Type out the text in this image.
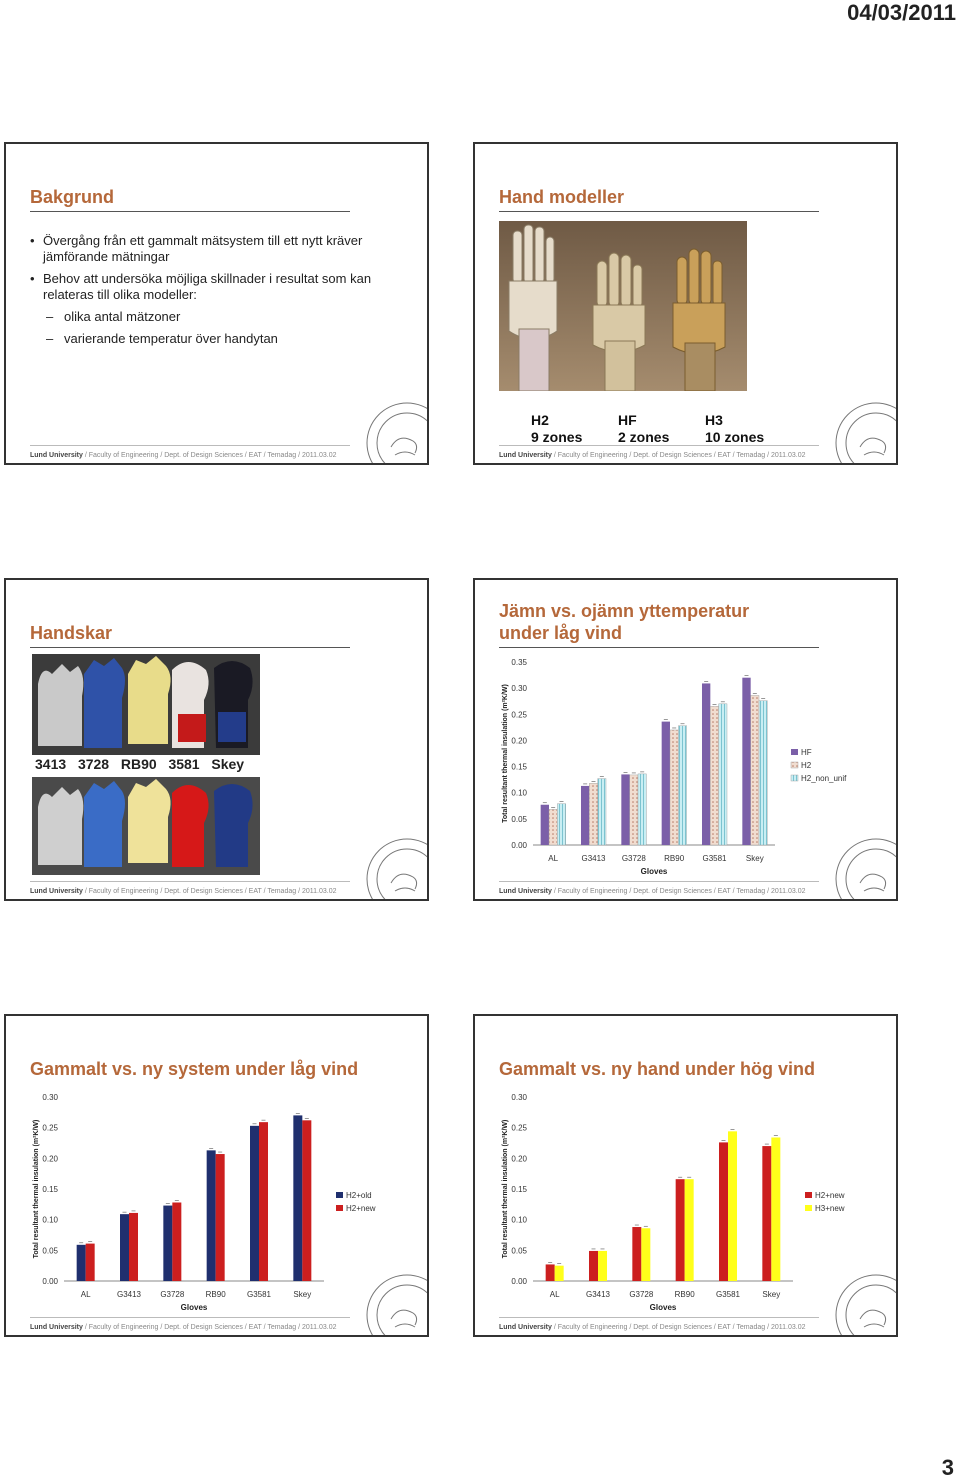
04/03/2011
Bakgrund
• Övergång från ett gammalt mätsystem till ett nytt kräver jämförande mätningar
• Behov att undersöka möjliga skillnader i resultat som kan relateras till olika modeller:
– olika antal mätzoner
– varierande temperatur över handytan
Lund University / Faculty of Engineering / Dept. of Design Sciences / EAT / Temadag / 2011.03.02
Hand modeller
H2
9 zones
HF
2 zones
H3
10 zones
Lund University / Faculty of Engineering / Dept. of Design Sciences / EAT / Temadag / 2011.03.02
Handskar
3413 3728 RB90 3581 Skey
Lund University / Faculty of Engineering / Dept. of Design Sciences / EAT / Temadag / 2011.03.02
Jämn vs. ojämn yttemperatur
under låg vind
0.00
0.05
0.10
0.15
0.20
0.25
0.30
0.35
Total resultant thermal insulation (m²K/W)
AL	G3413 G3728 RB90 G3581 Skey
Gloves
HF
H2
H2_non_unif
Lund University / Faculty of Engineering / Dept. of Design Sciences / EAT / Temadag / 2011.03.02
Gammalt vs. ny system under låg vind
0.00
0.05
0.10
0.15
0.20
0.25
0.30
Total resultant thermal insulation (m²K/W)
AL	G3413 G3728	RB90	G3581	Skey
Gloves
H2+old
H2+new
Lund University / Faculty of Engineering / Dept. of Design Sciences / EAT / Temadag / 2011.03.02
Gammalt vs. ny hand under hög vind
0.00
0.05
0.10
0.15
0.20
0.25
0.30
Total resultant thermal insulation (m²K/W)
AL	G3413 G3728	RB90	G3581	Skey
Gloves
H2+new
H3+new
Lund University / Faculty of Engineering / Dept. of Design Sciences / EAT / Temadag / 2011.03.02
3
